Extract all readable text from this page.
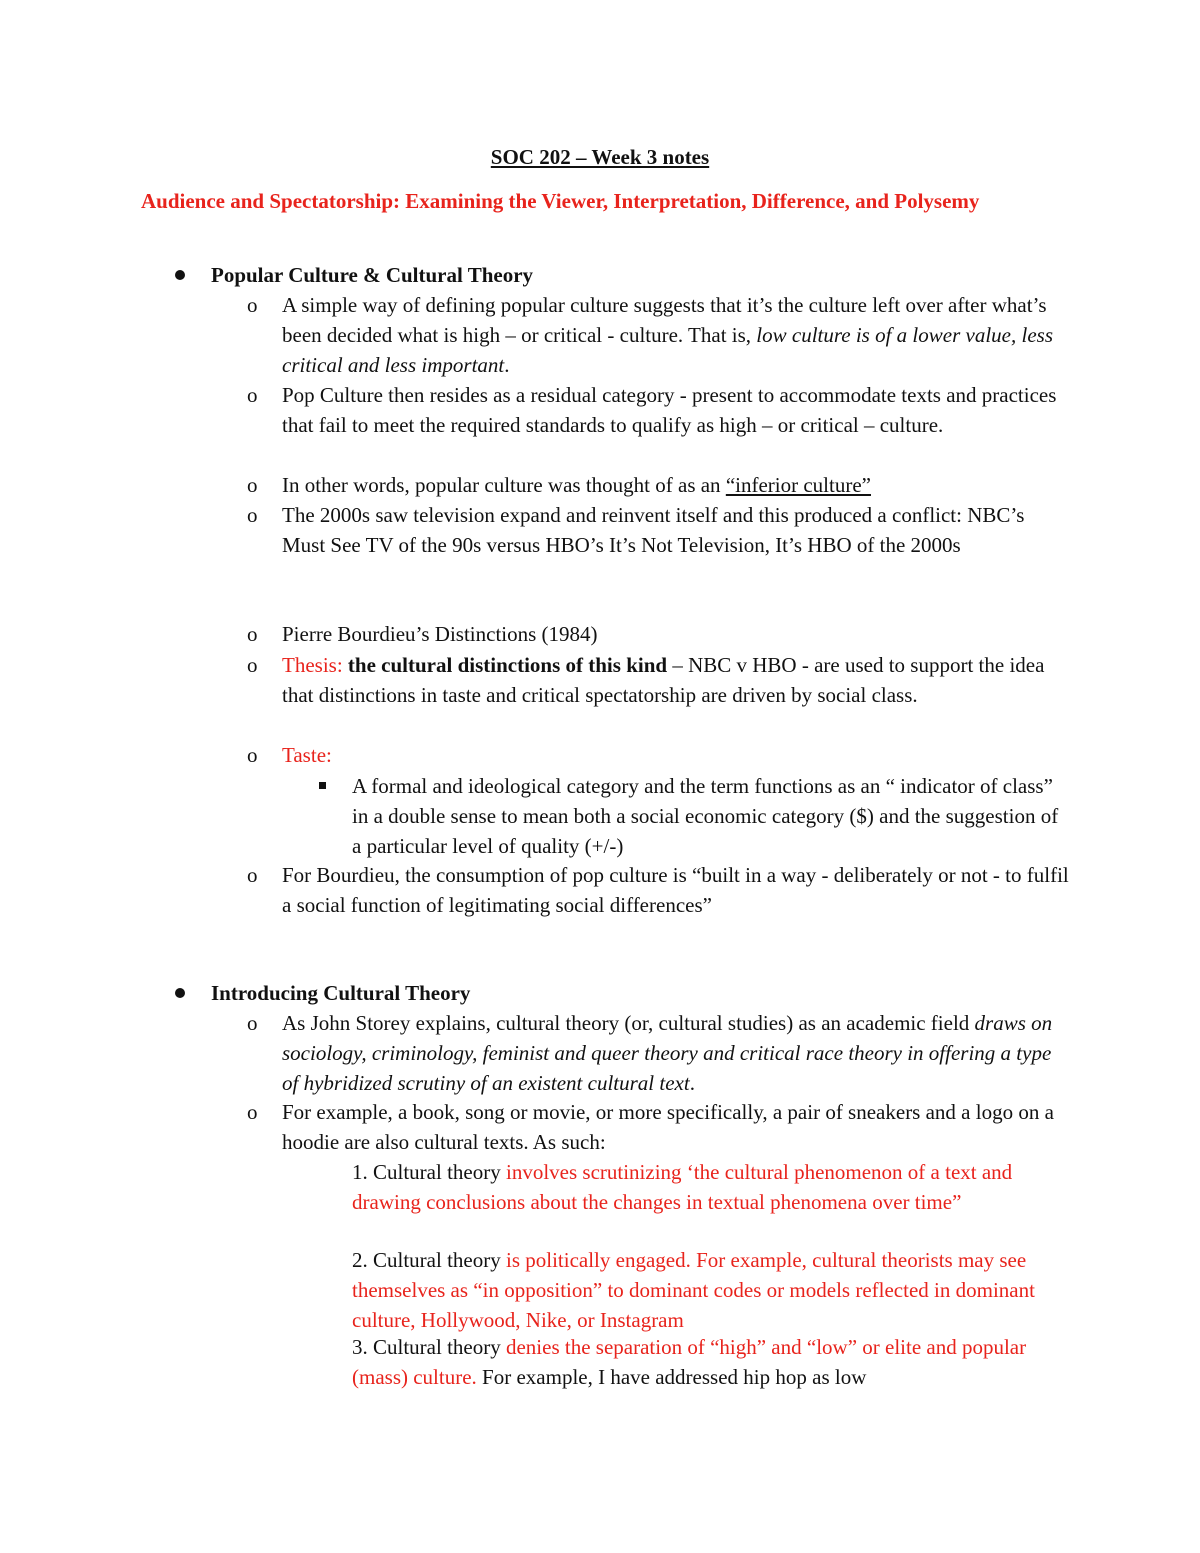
SOC 202 – Week 3 notes
Audience and Spectatorship: Examining the Viewer, Interpretation, Difference, and Polysemy
Popular Culture & Cultural Theory
o	A simple way of defining popular culture suggests that it’s the culture left over after what’s been decided what is high – or critical - culture. That is, low culture is of a lower value, less critical and less important.
o	Pop Culture then resides as a residual category - present to accommodate texts and practices that fail to meet the required standards to qualify as high – or critical – culture.
o	In other words, popular culture was thought of as an “inferior culture”
o	The 2000s saw television expand and reinvent itself and this produced a conflict: NBC’s Must See TV of the 90s versus HBO’s It’s Not Television, It’s HBO of the 2000s
o	Pierre Bourdieu’s Distinctions (1984)
o	Thesis: the cultural distinctions of this kind – NBC v HBO - are used to support the idea that distinctions in taste and critical spectatorship are driven by social class.
o	Taste:
A formal and ideological category and the term functions as an “ indicator of class” in a double sense to mean both a social economic category ($) and the suggestion of a particular level of quality (+/-)
o	For Bourdieu, the consumption of pop culture is “built in a way - deliberately or not - to fulfil a social function of legitimating social differences”
Introducing Cultural Theory
o	As John Storey explains, cultural theory (or, cultural studies) as an academic field draws on sociology, criminology, feminist and queer theory and critical race theory in offering a type of hybridized scrutiny of an existent cultural text.
o	For example, a book, song or movie, or more specifically, a pair of sneakers and a logo on a hoodie are also cultural texts. As such:
1. Cultural theory involves scrutinizing ‘the cultural phenomenon of a text and drawing conclusions about the changes in textual phenomena over time”
2. Cultural theory is politically engaged. For example, cultural theorists may see themselves as “in opposition” to dominant codes or models reflected in dominant culture, Hollywood, Nike, or Instagram
3. Cultural theory denies the separation of “high” and “low” or elite and popular (mass) culture. For example, I have addressed hip hop as low
